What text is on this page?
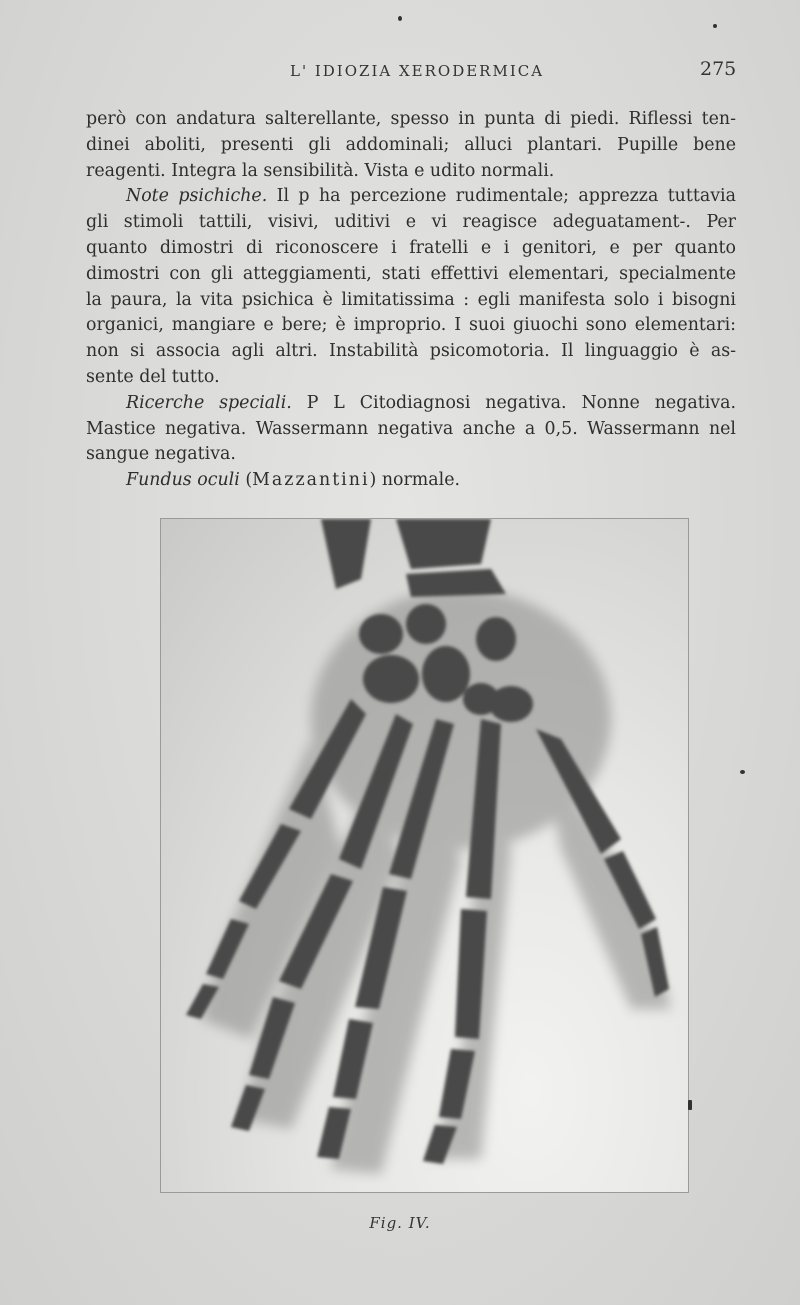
L' IDIOZIA XERODERMICA	275
però con andatura salterellante, spesso in punta di piedi. Riflessi ten-
dinei aboliti, presenti gli addominali; alluci plantari. Pupille bene
reagenti. Integra la sensibilità. Vista e udito normali.
Note psichiche. Il p ha percezione rudimentale; apprezza tuttavia
gli stimoli tattili, visivi, uditivi e vi reagisce adeguatament-. Per
quanto dimostri di riconoscere i fratelli e i genitori, e per quanto
dimostri con gli atteggiamenti, stati effettivi elementari, specialmente
la paura, la vita psichica è limitatissima : egli manifesta solo i bisogni
organici, mangiare e bere; è improprio. I suoi giuochi sono elementari:
non si associa agli altri. Instabilità psicomotoria. Il linguaggio è as-
sente del tutto.
Ricerche speciali. P L Citodiagnosi negativa. Nonne negativa.
Mastice negativa. Wassermann negativa anche a 0,5. Wassermann nel
sangue negativa.
Fundus oculi (Mazzantini) normale.
Fig. IV.
